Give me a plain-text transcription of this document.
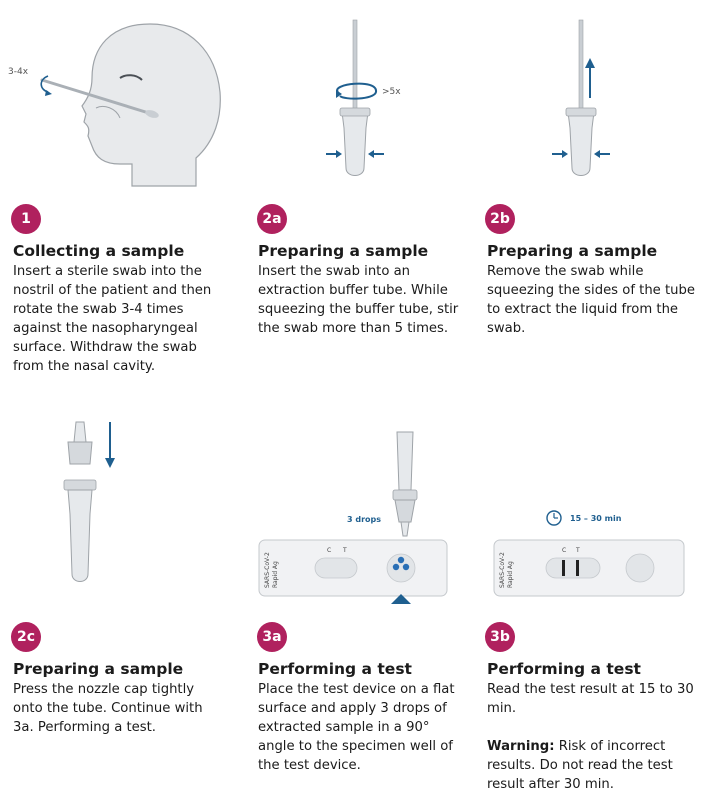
3-4x
1
Collecting a sample
Insert a sterile swab into the nostril of the patient and then rotate the swab 3-4 times against the nasopharyngeal surface. Withdraw the swab from the nasal cavity.
>5x
2a
Preparing a sample
Insert the swab into an extraction buffer tube. While squeezing the buffer tube, stir the swab more than 5 times.
2b
Preparing a sample
Remove the swab while squeezing the sides of the tube to extract the liquid from the swab.
2c
Preparing a sample
Press the nozzle cap tightly onto the tube. Continue with 3a. Performing a test.
SARS-CoV-2 Rapid Ag
C T
3 drops
3a
Performing a test
Place the test device on a flat surface and apply 3 drops of extracted sample in a 90° angle to the specimen well of the test device.
15 – 30 min
SARS-CoV-2 Rapid Ag
C T
3b
Performing a test
Read the test result at 15 to 30 min.
Warning: Risk of incorrect results. Do not read the test result after 30 min.
